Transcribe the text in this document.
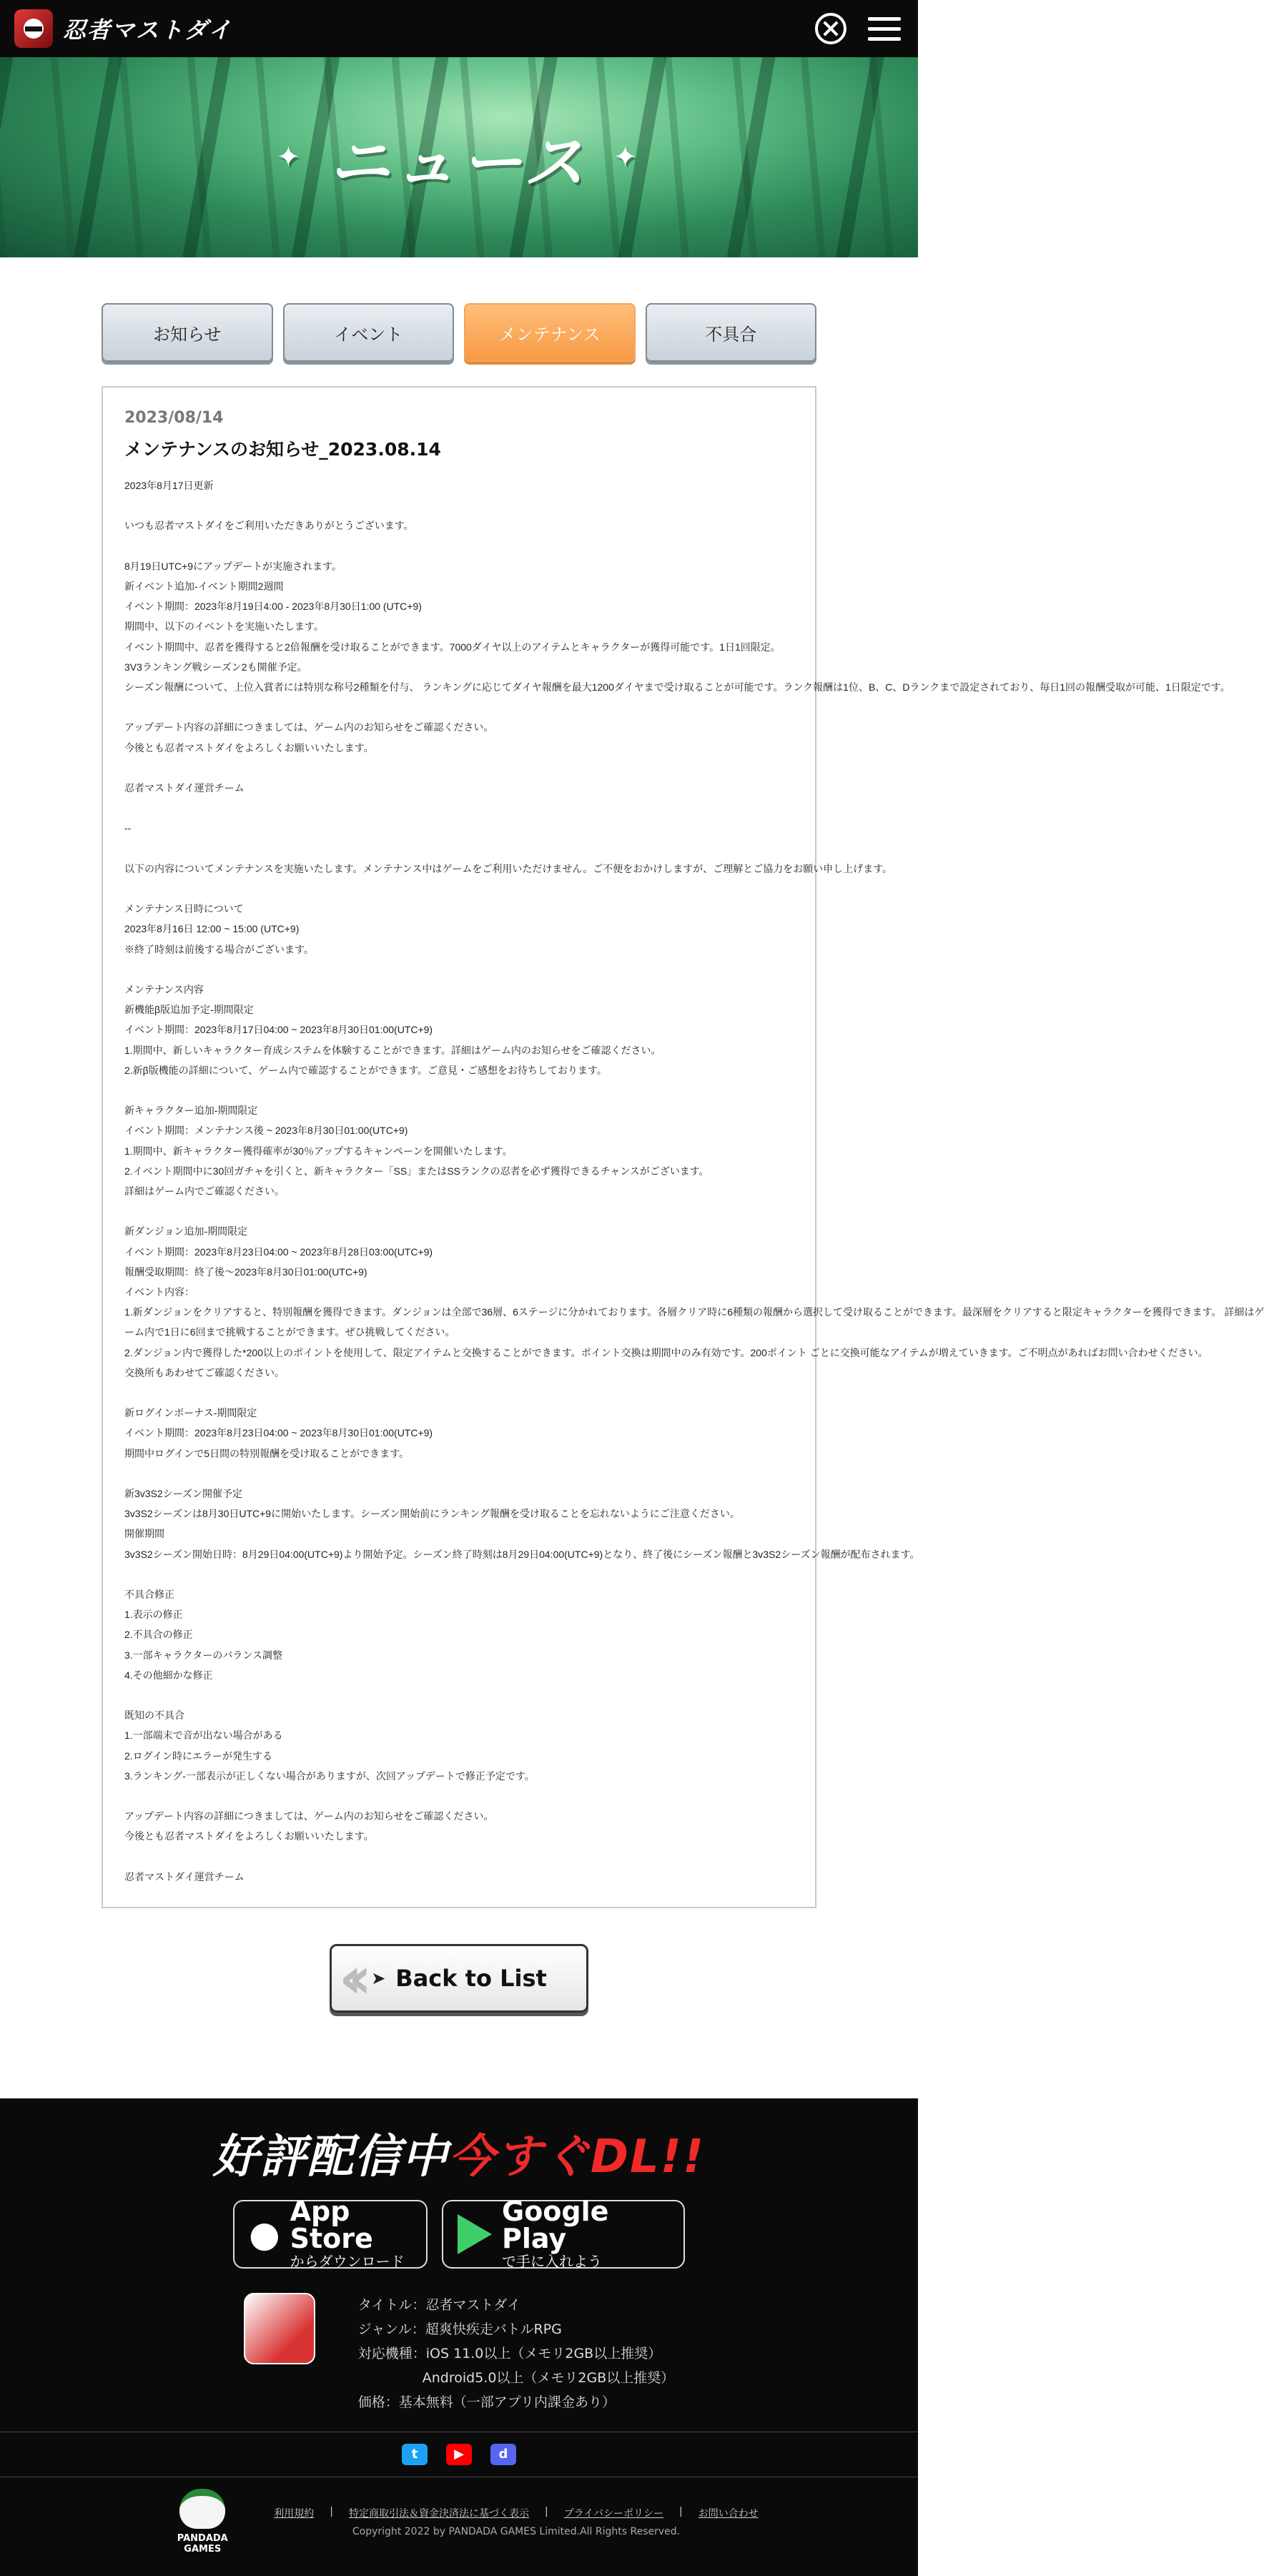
忍者マストダイ
✦ ニュース ✦
お知らせ	イベント	メンテナンス	不具合
2023/08/14
メンテナンスのお知らせ_2023.08.14
2023年8月17日更新
いつも忍者マストダイをご利用いただきありがとうございます。
8月19日UTC+9にアップデートが実施されます。
新イベント追加-イベント期間2週間
イベント期間：2023年8月19日4:00 - 2023年8月30日1:00 (UTC+9)
期間中、以下のイベントを実施いたします。
イベント期間中、忍者を獲得すると2倍報酬を受け取ることができます。7000ダイヤ以上のアイテムとキャラクターが獲得可能です。1日1回限定。
3V3ランキング戦シーズン2も開催予定。
シーズン報酬について、上位入賞者には特別な称号2種類を付与、 ランキングに応じてダイヤ報酬を最大1200ダイヤまで受け取ることが可能です。ランク報酬は1位、B、C、Dランクまで設定されており、毎日1回の報酬受取が可能、1日限定です。
アップデート内容の詳細につきましては、ゲーム内のお知らせをご確認ください。
今後とも忍者マストダイをよろしくお願いいたします。
忍者マストダイ運営チーム
--
以下の内容についてメンテナンスを実施いたします。メンテナンス中はゲームをご利用いただけません。ご不便をおかけしますが、ご理解とご協力をお願い申し上げます。
メンテナンス日時について
2023年8月16日 12:00 ~ 15:00 (UTC+9)
※終了時刻は前後する場合がございます。
メンテナンス内容
新機能β版追加予定-期間限定
イベント期間：2023年8月17日04:00 ~ 2023年8月30日01:00(UTC+9)
1.期間中、新しいキャラクター育成システムを体験することができます。詳細はゲーム内のお知らせをご確認ください。
2.新β版機能の詳細について、ゲーム内で確認することができます。ご意見・ご感想をお待ちしております。
新キャラクター追加-期間限定
イベント期間：メンテナンス後 ~ 2023年8月30日01:00(UTC+9)
1.期間中、新キャラクター獲得確率が30％アップするキャンペーンを開催いたします。
2.イベント期間中に30回ガチャを引くと、新キャラクター「SS」またはSSランクの忍者を必ず獲得できるチャンスがございます。
詳細はゲーム内でご確認ください。
新ダンジョン追加-期間限定
イベント期間：2023年8月23日04:00 ~ 2023年8月28日03:00(UTC+9)
報酬受取期間：終了後～2023年8月30日01:00(UTC+9)
イベント内容：
1.新ダンジョンをクリアすると、特別報酬を獲得できます。ダンジョンは全部で36層、6ステージに分かれております。各層クリア時に6種類の報酬から選択して受け取ることができます。最深層をクリアすると限定キャラクターを獲得できます。 詳細はゲ
ーム内で1日に6回まで挑戦することができます。ぜひ挑戦してください。
2.ダンジョン内で獲得した*200以上のポイントを使用して、限定アイテムと交換することができます。ポイント交換は期間中のみ有効です。200ポイント ごとに交換可能なアイテムが増えていきます。ご不明点があればお問い合わせください。
交換所もあわせてご確認ください。
新ログインボーナス-期間限定
イベント期間：2023年8月23日04:00 ~ 2023年8月30日01:00(UTC+9)
期間中ログインで5日間の特別報酬を受け取ることができます。
新3v3S2シーズン開催予定
3v3S2シーズンは8月30日UTC+9に開始いたします。シーズン開始前にランキング報酬を受け取ることを忘れないようにご注意ください。
開催期間
3v3S2シーズン開始日時：8月29日04:00(UTC+9)より開始予定。シーズン終了時刻は8月29日04:00(UTC+9)となり、終了後にシーズン報酬と3v3S2シーズン報酬が配布されます。
不具合修正
1.表示の修正
2.不具合の修正
3.一部キャラクターのバランス調整
4.その他細かな修正
既知の不具合
1.一部端末で音が出ない場合がある
2.ログイン時にエラーが発生する
3.ランキング-一部表示が正しくない場合がありますが、次回アップデートで修正予定です。
アップデート内容の詳細につきましては、ゲーム内のお知らせをご確認ください。
今後とも忍者マストダイをよろしくお願いいたします。
忍者マストダイ運営チーム
‹‹ ➤ Back to List
好評配信中今すぐDL!!
●
App Store
からダウンロード
Google Play
で手に入れよう
タイトル：忍者マストダイ
ジャンル：超爽快疾走バトルRPG
対応機種：iOS 11.0以上（メモリ2GB以上推奨）
Android5.0以上（メモリ2GB以上推奨）
価格：基本無料（一部アプリ内課金あり）
t	▶	d
PANDADA GAMES
利用規約 | 特定商取引法＆資金決済法に基づく表示 | プライバシーポリシー | お問い合わせ
Copyright 2022 by PANDADA GAMES Limited.All Rights Reserved.
